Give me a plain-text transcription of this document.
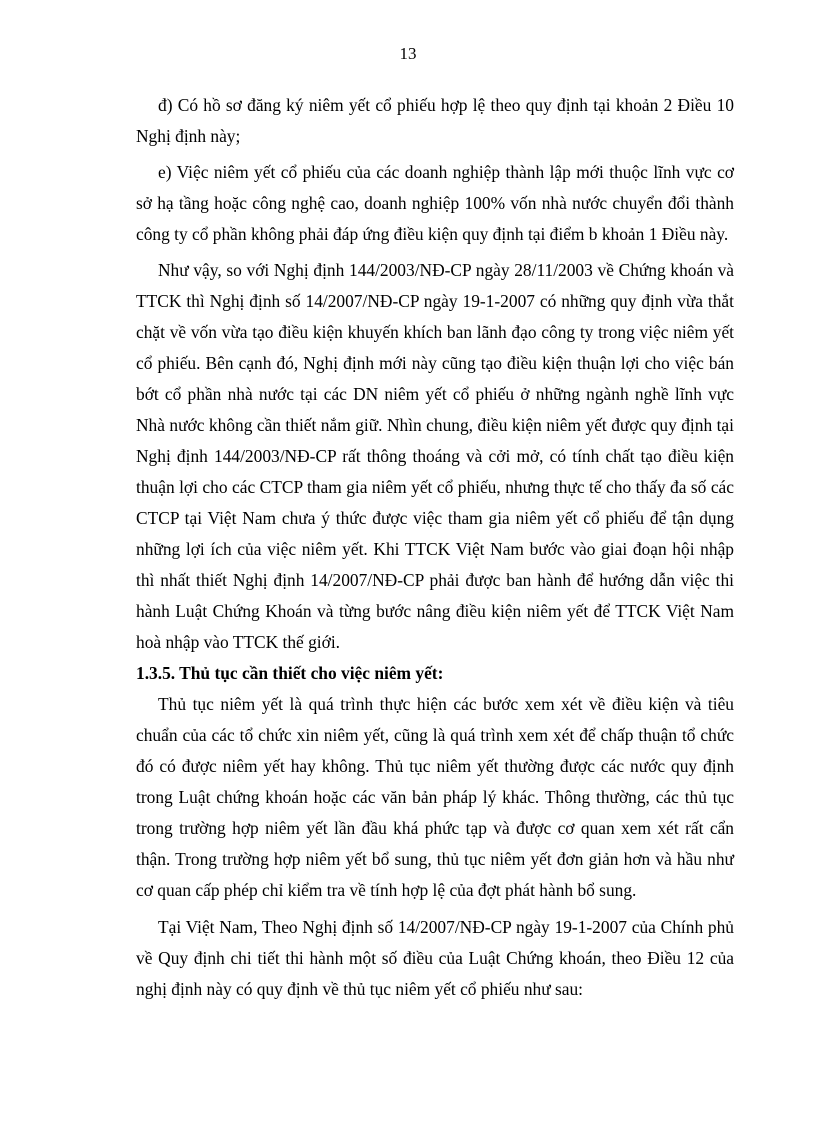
13

đ) Có hồ sơ đăng ký niêm yết cổ phiếu hợp lệ theo quy định tại khoản 2 Điều 10 Nghị định này;

e) Việc niêm yết cổ phiếu của các doanh nghiệp thành lập mới thuộc lĩnh vực cơ sở hạ tầng hoặc công nghệ cao, doanh nghiệp 100% vốn nhà nước chuyển đổi thành công ty cổ phần không phải đáp ứng điều kiện quy định tại điểm b khoản 1 Điều này.

Như vậy, so với Nghị định 144/2003/NĐ-CP ngày 28/11/2003 về Chứng khoán và TTCK thì Nghị định số 14/2007/NĐ-CP ngày 19-1-2007 có những quy định vừa thắt chặt về vốn vừa tạo điều kiện khuyến khích ban lãnh đạo công ty trong việc niêm yết cổ phiếu. Bên cạnh đó, Nghị định mới này cũng tạo điều kiện thuận lợi cho việc bán bớt cổ phần nhà nước tại các DN niêm yết cổ phiếu ở những ngành nghề lĩnh vực Nhà nước không cần thiết nắm giữ. Nhìn chung, điều kiện niêm yết được quy định tại Nghị định 144/2003/NĐ-CP rất thông thoáng và cởi mở, có tính chất tạo điều kiện thuận lợi cho các CTCP tham gia niêm yết cổ phiếu, nhưng thực tế cho thấy đa số các CTCP tại Việt Nam chưa ý thức được việc tham gia niêm yết cổ phiếu để tận dụng những lợi ích của việc niêm yết. Khi TTCK Việt Nam bước vào giai đoạn hội nhập thì nhất thiết Nghị định 14/2007/NĐ-CP phải được ban hành để hướng dẫn việc thi hành Luật Chứng Khoán và từng bước nâng điều kiện niêm yết để TTCK Việt Nam hoà nhập vào TTCK thế giới.

1.3.5. Thủ tục cần thiết cho việc niêm yết:

Thủ tục niêm yết là quá trình thực hiện các bước xem xét về điều kiện và tiêu chuẩn của các tổ chức xin niêm yết, cũng là quá trình xem xét để chấp thuận tổ chức đó có được niêm yết hay không. Thủ tục niêm yết thường được các nước quy định trong Luật chứng khoán hoặc các văn bản pháp lý khác. Thông thường, các thủ tục trong trường hợp niêm yết lần đầu khá phức tạp và được cơ quan xem xét rất cẩn thận. Trong trường hợp niêm yết bổ sung, thủ tục niêm yết đơn giản hơn và hầu như cơ quan cấp phép chỉ kiểm tra về tính hợp lệ của đợt phát hành bổ sung.

Tại Việt Nam, Theo Nghị định số 14/2007/NĐ-CP ngày 19-1-2007 của Chính phủ về Quy định chi tiết thi hành một số điều của Luật Chứng khoán, theo Điều 12 của nghị định này có quy định về thủ tục niêm yết cổ phiếu như sau:
